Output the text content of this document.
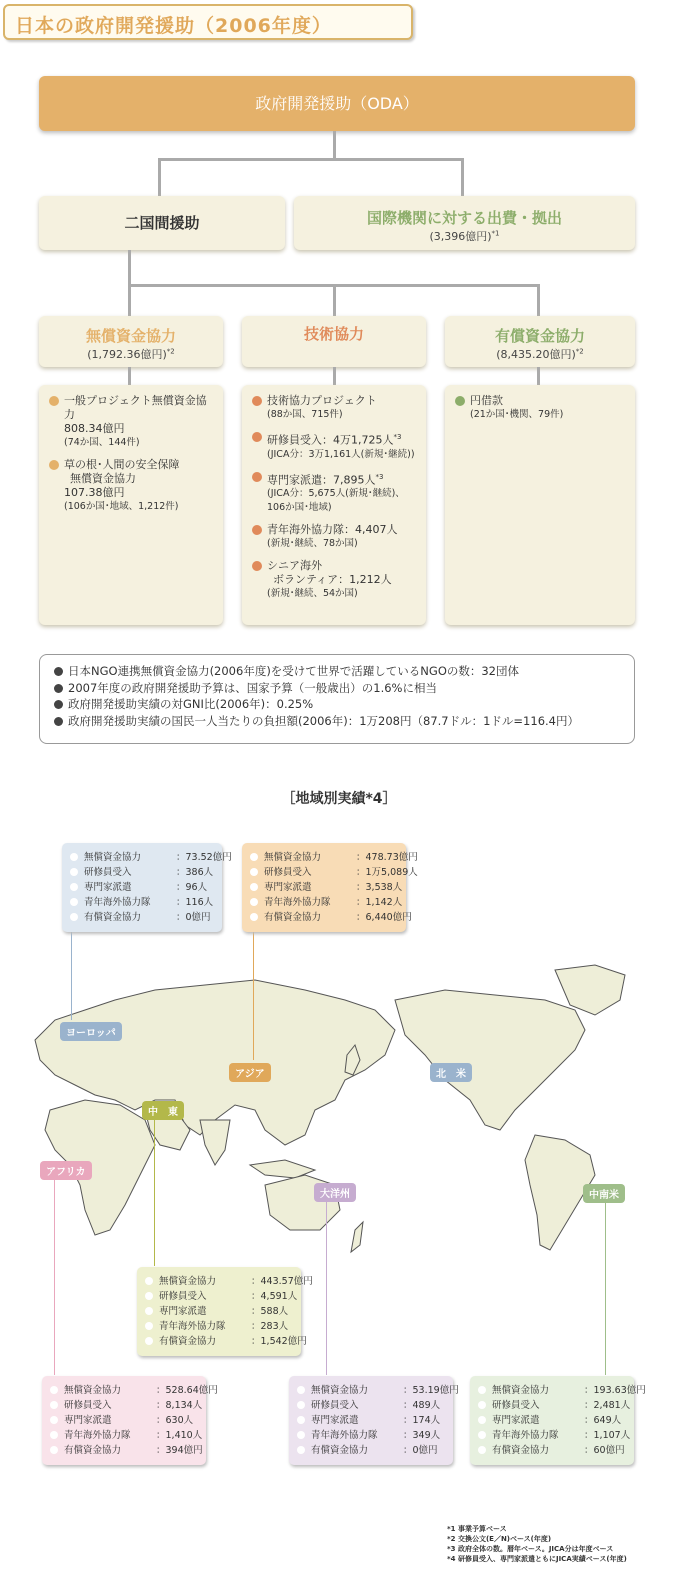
日本の政府開発援助（2006年度）
政府開発援助（ODA）
二国間援助	国際機関に対する出費・拠出
(3,396億円)$^{*1}$
無償資金協力
(1,792.36億円)$^{*2}$
技術協力	有償資金協力
(8,435.20億円)$^{*2}$
一般プロジェクト無償資金協力
808.34億円
(74か国、144件)
草の根･人間の安全保障
無償資金協力
107.38億円
(106か国･地域、1,212件)
技術協力プロジェクト
(88か国、715件)
研修員受入：4万1,725人$^{*3}$
(JICA分：3万1,161人(新規･継続))
専門家派遣：7,895人$^{*3}$
(JICA分：5,675人(新規･継続)、
106か国･地域)
青年海外協力隊：4,407人
(新規･継続、78か国)
シニア海外
ボランティア：1,212人
(新規･継続、54か国)
円借款
(21か国･機関、79件)
日本NGO連携無償資金協力(2006年度)を受けて世界で活躍しているNGOの数：32団体
2007年度の政府開発援助予算は、国家予算（一般歳出）の1.6%に相当
政府開発援助実績の対GNI比(2006年)：0.25%
政府開発援助実績の国民一人当たりの負担額(2006年)：1万208円（87.7ドル：1ドル=116.4円）
［地域別実績*4］
ヨーロッパ
アジア
中　東
アフリカ
大洋州
北　米
中南米
無償資金協力	：73.52億円
研修員受入	：386人
専門家派遣	：96人
青年海外協力隊	：116人
有償資金協力	：0億円
無償資金協力	：478.73億円
研修員受入	：1万5,089人
専門家派遣	：3,538人
青年海外協力隊	：1,142人
有償資金協力	：6,440億円
無償資金協力	：443.57億円
研修員受入	：4,591人
専門家派遣	：588人
青年海外協力隊	：283人
有償資金協力	：1,542億円
無償資金協力	：528.64億円
研修員受入	：8,134人
専門家派遣	：630人
青年海外協力隊	：1,410人
有償資金協力	：394億円
無償資金協力	：53.19億円
研修員受入	：489人
専門家派遣	：174人
青年海外協力隊	：349人
有償資金協力	：0億円
無償資金協力	：193.63億円
研修員受入	：2,481人
専門家派遣	：649人
青年海外協力隊	：1,107人
有償資金協力	：60億円
*1 事業予算ベース
*2 交換公文(E／N)ベース(年度)
*3 政府全体の数。暦年ベース。JICA分は年度ベース
*4 研修員受入、専門家派遣ともにJICA実績ベース(年度)
